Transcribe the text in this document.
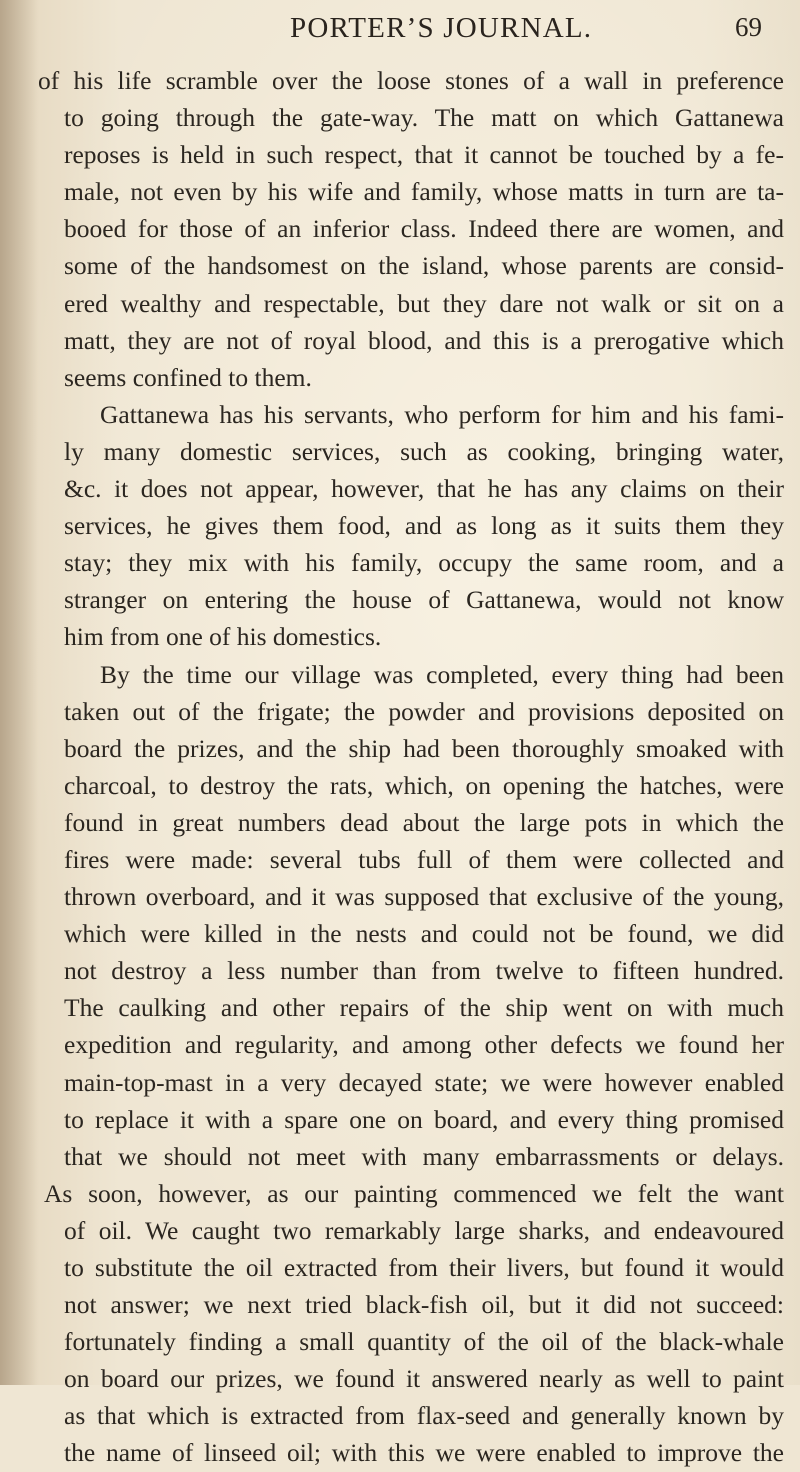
PORTER’S JOURNAL.	69
of his life scramble over the loose stones of a wall in preference
to going through the gate-way. The matt on which Gattanewa
reposes is held in such respect, that it cannot be touched by a fe-
male, not even by his wife and family, whose matts in turn are ta-
booed for those of an inferior class. Indeed there are women, and
some of the handsomest on the island, whose parents are consid-
ered wealthy and respectable, but they dare not walk or sit on a
matt, they are not of royal blood, and this is a prerogative which
seems confined to them.
Gattanewa has his servants, who perform for him and his fami-
ly many domestic services, such as cooking, bringing water,
&c. it does not appear, however, that he has any claims on their
services, he gives them food, and as long as it suits them they
stay; they mix with his family, occupy the same room, and a
stranger on entering the house of Gattanewa, would not know
him from one of his domestics.
By the time our village was completed, every thing had been
taken out of the frigate; the powder and provisions deposited on
board the prizes, and the ship had been thoroughly smoaked with
charcoal, to destroy the rats, which, on opening the hatches, were
found in great numbers dead about the large pots in which the
fires were made: several tubs full of them were collected and
thrown overboard, and it was supposed that exclusive of the young,
which were killed in the nests and could not be found, we did
not destroy a less number than from twelve to fifteen hundred.
The caulking and other repairs of the ship went on with much
expedition and regularity, and among other defects we found her
main-top-mast in a very decayed state; we were however enabled
to replace it with a spare one on board, and every thing promised
that we should not meet with many embarrassments or delays.
As soon, however, as our painting commenced we felt the want
of oil. We caught two remarkably large sharks, and endeavoured
to substitute the oil extracted from their livers, but found it would
not answer; we next tried black-fish oil, but it did not succeed:
fortunately finding a small quantity of the oil of the black-whale
on board our prizes, we found it answered nearly as well to paint
as that which is extracted from flax-seed and generally known by
the name of linseed oil; with this we were enabled to improve the
